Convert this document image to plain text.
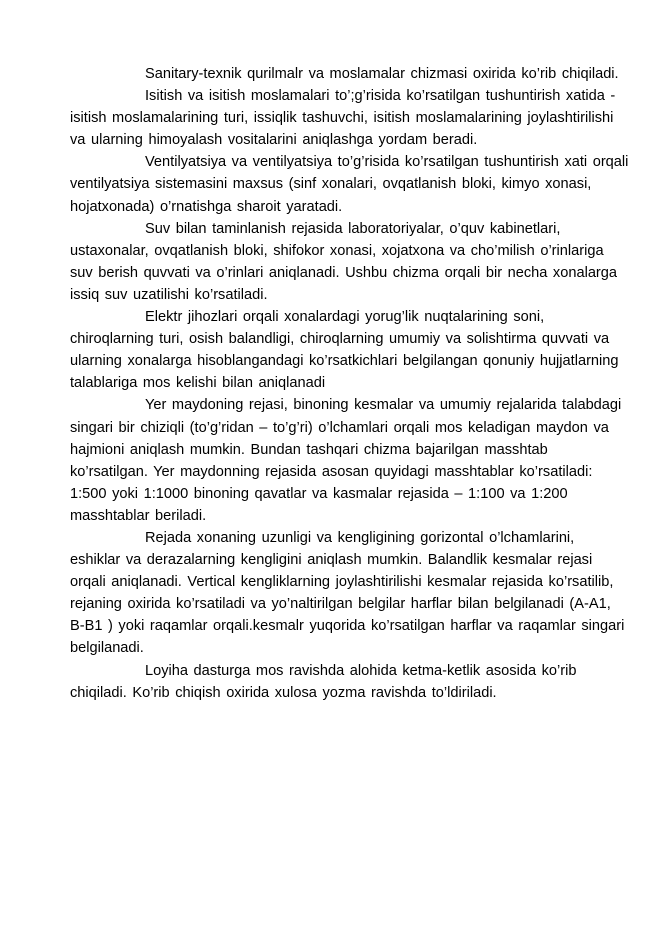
Sanitary-texnik qurilmalr va moslamalar chizmasi oxirida ko’rib chiqiladi.

Isitish va isitish moslamalari to’;g’risida ko’rsatilgan tushuntirish xatida - isitish moslamalarining turi, issiqlik tashuvchi, isitish moslamalarining joylashtirilishi va ularning himoyalash vositalarini aniqlashga yordam beradi.

Ventilyatsiya va ventilyatsiya to’g’risida ko’rsatilgan tushuntirish xati orqali ventilyatsiya sistemasini maxsus (sinf xonalari, ovqatlanish bloki, kimyo xonasi, hojatxonada) o’rnatishga sharoit yaratadi.

Suv bilan taminlanish rejasida laboratoriyalar, o’quv kabinetlari, ustaxonalar, ovqatlanish bloki, shifokor xonasi, xojatxona va cho’milish o’rinlariga suv berish quvvati va o’rinlari aniqlanadi. Ushbu chizma orqali bir necha xonalarga issiq suv uzatilishi ko’rsatiladi.

Elektr jihozlari orqali xonalardagi yorug’lik nuqtalarining soni, chiroqlarning turi, osish balandligi, chiroqlarning umumiy va solishtirma quvvati va ularning xonalarga hisoblangandagi ko’rsatkichlari belgilangan qonuniy hujjatlarning talablariga mos kelishi bilan aniqlanadi

Yer maydoning rejasi, binoning kesmalar va umumiy rejalarida talabdagi singari bir chiziqli (to’g’ridan – to’g’ri) o’lchamlari orqali mos keladigan maydon va hajmioni aniqlash mumkin. Bundan tashqari chizma bajarilgan masshtab ko’rsatilgan. Yer maydonning rejasida asosan quyidagi masshtablar ko’rsatiladi: 1:500 yoki 1:1000 binoning qavatlar va kasmalar rejasida – 1:100 va 1:200 masshtablar beriladi.

Rejada xonaning uzunligi va kengligining gorizontal o’lchamlarini, eshiklar va derazalarning kengligini aniqlash mumkin. Balandlik kesmalar rejasi orqali aniqlanadi. Vertical kengliklarning joylashtirilishi kesmalar rejasida ko’rsatilib, rejaning oxirida ko’rsatiladi va yo’naltirilgan belgilar harflar bilan belgilanadi (A-A1, B-B1 ) yoki raqamlar orqali.kesmalr yuqorida ko’rsatilgan harflar va raqamlar singari belgilanadi.

Loyiha dasturga mos ravishda alohida ketma-ketlik asosida ko’rib chiqiladi. Ko’rib chiqish oxirida xulosa yozma ravishda to’ldiriladi.
